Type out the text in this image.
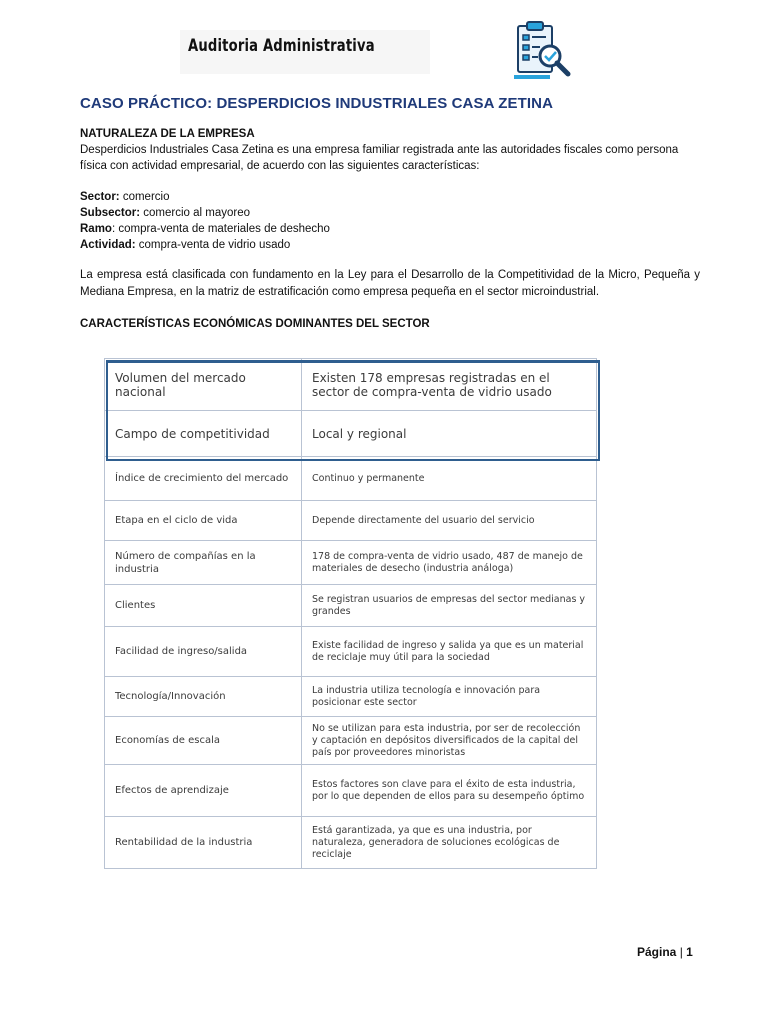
Auditoria Administrativa
CASO PRÁCTICO: DESPERDICIOS INDUSTRIALES CASA ZETINA
NATURALEZA DE LA EMPRESA
Desperdicios Industriales Casa Zetina es una empresa familiar registrada ante las autoridades fiscales como persona física con actividad empresarial, de acuerdo con las siguientes características:
Sector: comercio
Subsector: comercio al mayoreo
Ramo: compra-venta de materiales de deshecho
Actividad: compra-venta de vidrio usado
La empresa está clasificada con fundamento en la Ley para el Desarrollo de la Competitividad de la Micro, Pequeña y Mediana Empresa, en la matriz de estratificación como empresa pequeña en el sector microindustrial.
CARACTERÍSTICAS ECONÓMICAS DOMINANTES DEL SECTOR
Volumen del mercado nacional	Existen 178 empresas registradas en el sector de compra-venta de vidrio usado
Campo de competitividad	Local y regional
Índice de crecimiento del mercado	Continuo y permanente
Etapa en el ciclo de vida	Depende directamente del usuario del servicio
Número de compañías en la industria	178 de compra-venta de vidrio usado, 487 de manejo de materiales de desecho (industria análoga)
Clientes	Se registran usuarios de empresas del sector medianas y grandes
Facilidad de ingreso/salida	Existe facilidad de ingreso y salida ya que es un material de reciclaje muy útil para la sociedad
Tecnología/Innovación	La industria utiliza tecnología e innovación para posicionar este sector
Economías de escala	No se utilizan para esta industria, por ser de recolección y captación en depósitos diversificados de la capital del país por proveedores minoristas
Efectos de aprendizaje	Estos factores son clave para el éxito de esta industria, por lo que dependen de ellos para su desempeño óptimo
Rentabilidad de la industria	Está garantizada, ya que es una industria, por naturaleza, generadora de soluciones ecológicas de reciclaje
Página | 1
